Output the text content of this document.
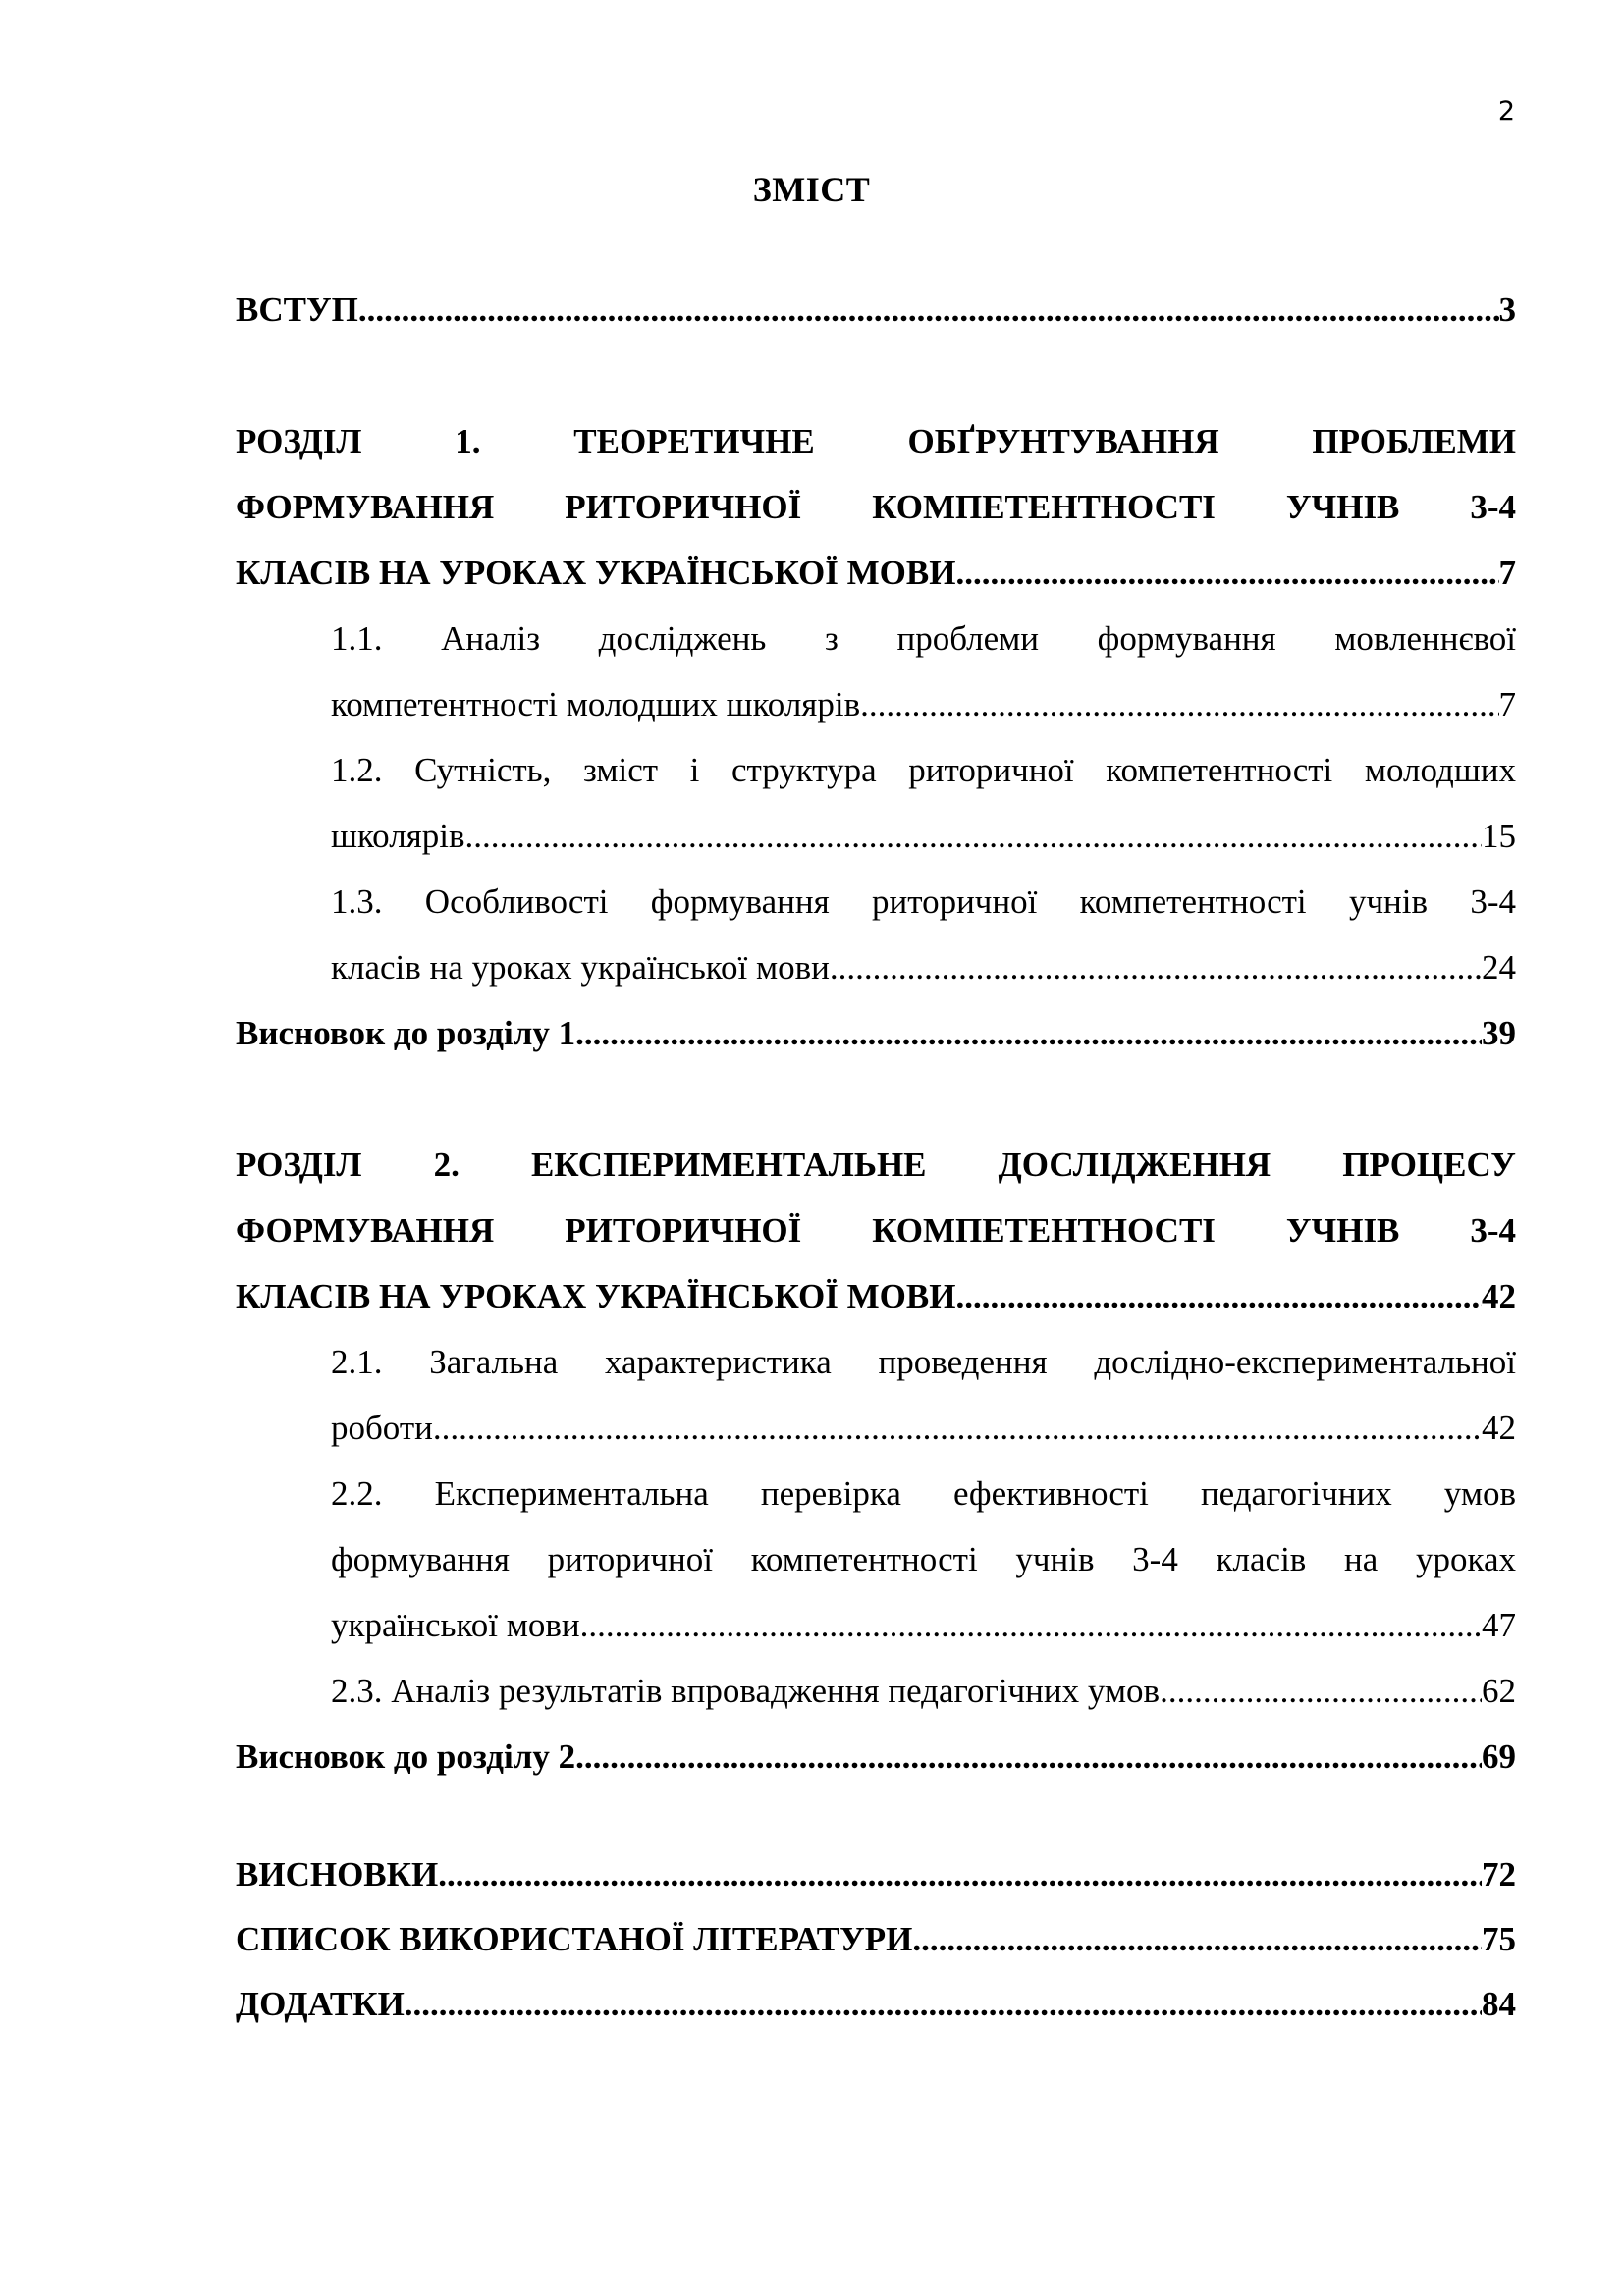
2
ЗМІСТ
ВСТУП .....	3
РОЗДІЛ 1. ТЕОРЕТИЧНЕ ОБҐРУНТУВАННЯ ПРОБЛЕМИ
ФОРМУВАННЯ РИТОРИЧНОЇ КОМПЕТЕНТНОСТІ УЧНІВ 3-4
КЛАСІВ НА УРОКАХ УКРАЇНСЬКОЇ МОВИ .....	7
1.1. Аналіз досліджень з проблеми формування мовленнєвої
компетентності молодших школярів .....	7
1.2. Сутність, зміст і структура риторичної компетентності молодших
школярів .....	15
1.3. Особливості формування риторичної компетентності учнів 3-4
класів на уроках української мови .....	24
Висновок до розділу 1 .....	39
РОЗДІЛ 2. ЕКСПЕРИМЕНТАЛЬНЕ ДОСЛІДЖЕННЯ ПРОЦЕСУ
ФОРМУВАННЯ РИТОРИЧНОЇ КОМПЕТЕНТНОСТІ УЧНІВ 3-4
КЛАСІВ НА УРОКАХ УКРАЇНСЬКОЇ МОВИ .....	42
2.1. Загальна характеристика проведення дослідно-експериментальної
роботи .....	42
2.2. Експериментальна перевірка ефективності педагогічних умов
формування риторичної компетентності учнів 3-4 класів на уроках
української мови .....	47
2.3. Аналіз результатів впровадження педагогічних умов .....	62
Висновок до розділу 2 .....	69
ВИСНОВКИ .....	72
СПИСОК ВИКОРИСТАНОЇ ЛІТЕРАТУРИ .....	75
ДОДАТКИ .....	84
